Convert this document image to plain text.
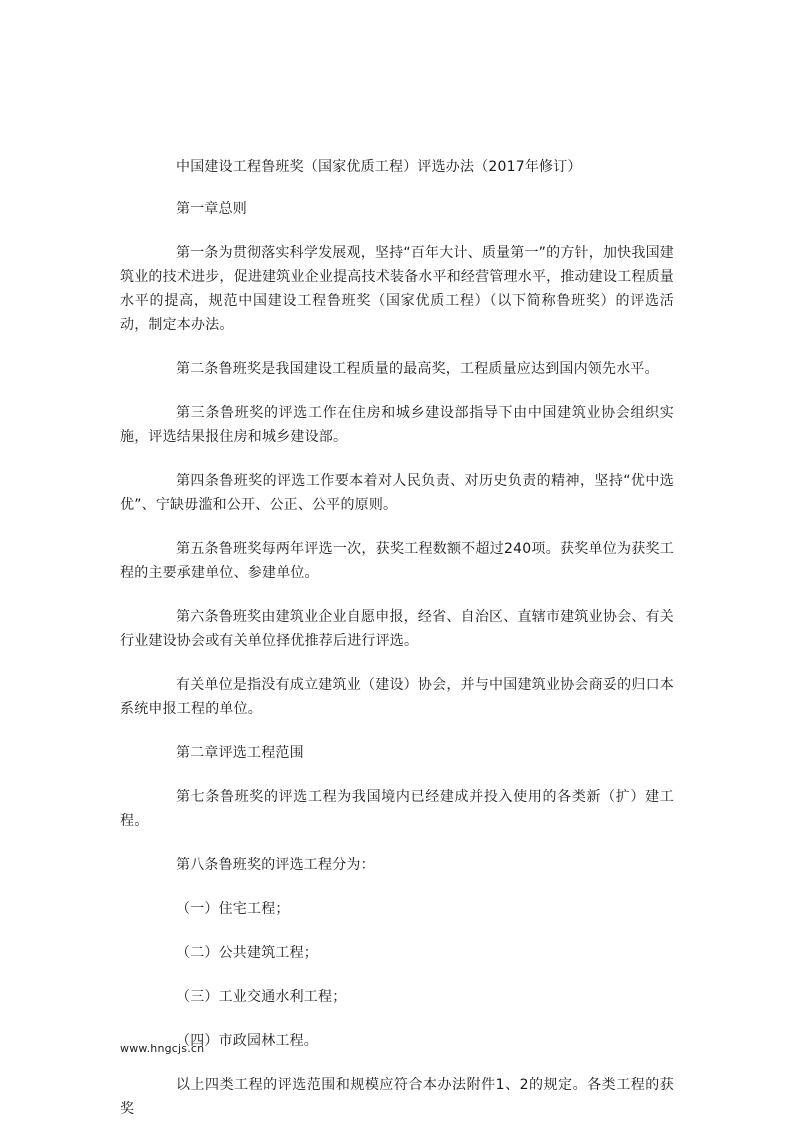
中国建设工程鲁班奖（国家优质工程）评选办法（2017年修订）

第一章总则

第一条为贯彻落实科学发展观，坚持“百年大计、质量第一”的方针，加快我国建筑业的技术进步，促进建筑业企业提高技术装备水平和经营管理水平，推动建设工程质量水平的提高，规范中国建设工程鲁班奖（国家优质工程）（以下简称鲁班奖）的评选活动，制定本办法。

第二条鲁班奖是我国建设工程质量的最高奖，工程质量应达到国内领先水平。

第三条鲁班奖的评选工作在住房和城乡建设部指导下由中国建筑业协会组织实施，评选结果报住房和城乡建设部。

第四条鲁班奖的评选工作要本着对人民负责、对历史负责的精神，坚持“优中选优”、宁缺毋滥和公开、公正、公平的原则。

第五条鲁班奖每两年评选一次，获奖工程数额不超过240项。获奖单位为获奖工程的主要承建单位、参建单位。

第六条鲁班奖由建筑业企业自愿申报，经省、自治区、直辖市建筑业协会、有关行业建设协会或有关单位择优推荐后进行评选。

有关单位是指没有成立建筑业（建设）协会，并与中国建筑业协会商妥的归口本系统申报工程的单位。

第二章评选工程范围

第七条鲁班奖的评选工程为我国境内已经建成并投入使用的各类新（扩）建工程。

第八条鲁班奖的评选工程分为：

（一）住宅工程；

（二）公共建筑工程；

（三）工业交通水利工程；

（四）市政园林工程。

以上四类工程的评选范围和规模应符合本办法附件1、2的规定。各类工程的获奖

www.hngcjs.cn
